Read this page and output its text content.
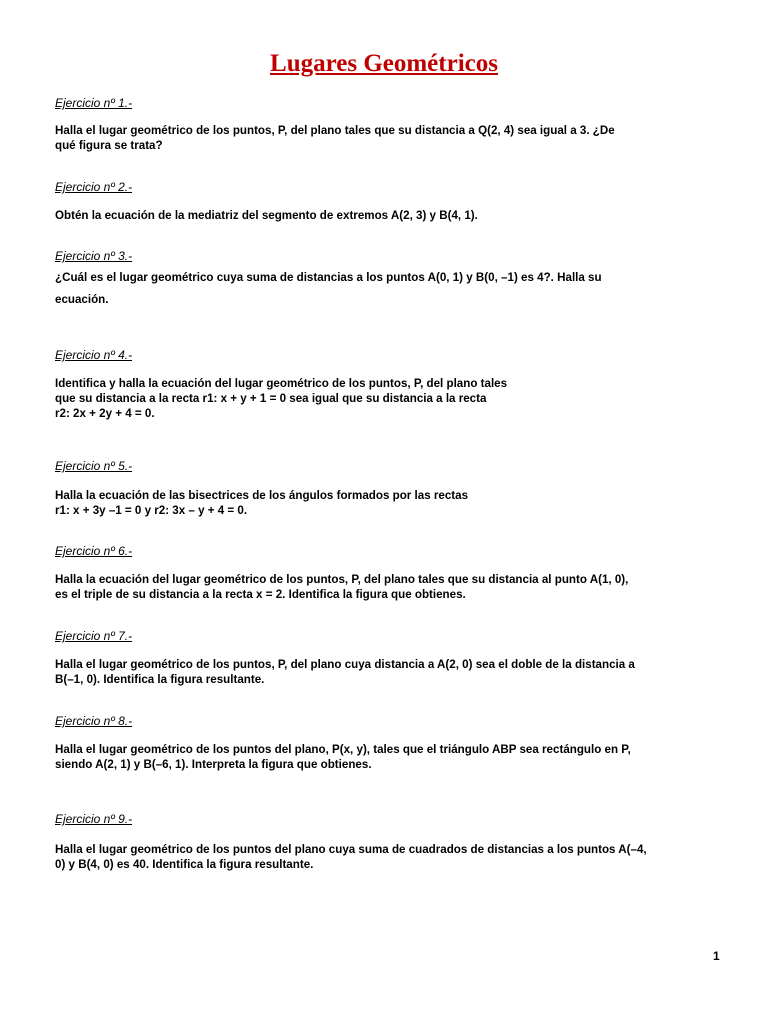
Lugares Geométricos
Ejercicio nº 1.-

Halla el lugar geométrico de los puntos, P, del plano tales que su distancia a Q(2, 4) sea igual a 3. ¿De

qué figura se trata?

Ejercicio nº 2.-

Obtén la ecuación de la mediatriz del segmento de extremos A(2, 3) y B(4, 1).

Ejercicio nº 3.-

¿Cuál es el lugar geométrico cuya suma de distancias a los puntos A(0, 1) y B(0, –1) es 4?. Halla su

ecuación.

Ejercicio nº 4.-

Identifica y halla la ecuación del lugar geométrico de los puntos, P, del plano tales

que su distancia a la recta r1: x + y + 1 = 0 sea igual que su distancia a la recta

r2: 2x + 2y + 4 = 0.

Ejercicio nº 5.-

Halla la ecuación de las bisectrices de los ángulos formados por las rectas

r1: x + 3y –1 = 0 y r2: 3x – y + 4 = 0.

Ejercicio nº 6.-

Halla la ecuación del lugar geométrico de los puntos, P, del plano tales que su distancia al punto A(1, 0),

es el triple de su distancia a la recta x = 2. Identifica la figura que obtienes.

Ejercicio nº 7.-

Halla el lugar geométrico de los puntos, P, del plano cuya distancia a A(2, 0) sea el doble de la distancia a

B(–1, 0). Identifica la figura resultante.

Ejercicio nº 8.-

Halla el lugar geométrico de los puntos del plano, P(x, y), tales que el triángulo ABP sea rectángulo en P,

siendo A(2, 1) y B(–6, 1). Interpreta la figura que obtienes.

Ejercicio nº 9.-

Halla el lugar geométrico de los puntos del plano cuya suma de cuadrados de distancias a los puntos A(–4,

0) y B(4, 0) es 40. Identifica la figura resultante.

1
